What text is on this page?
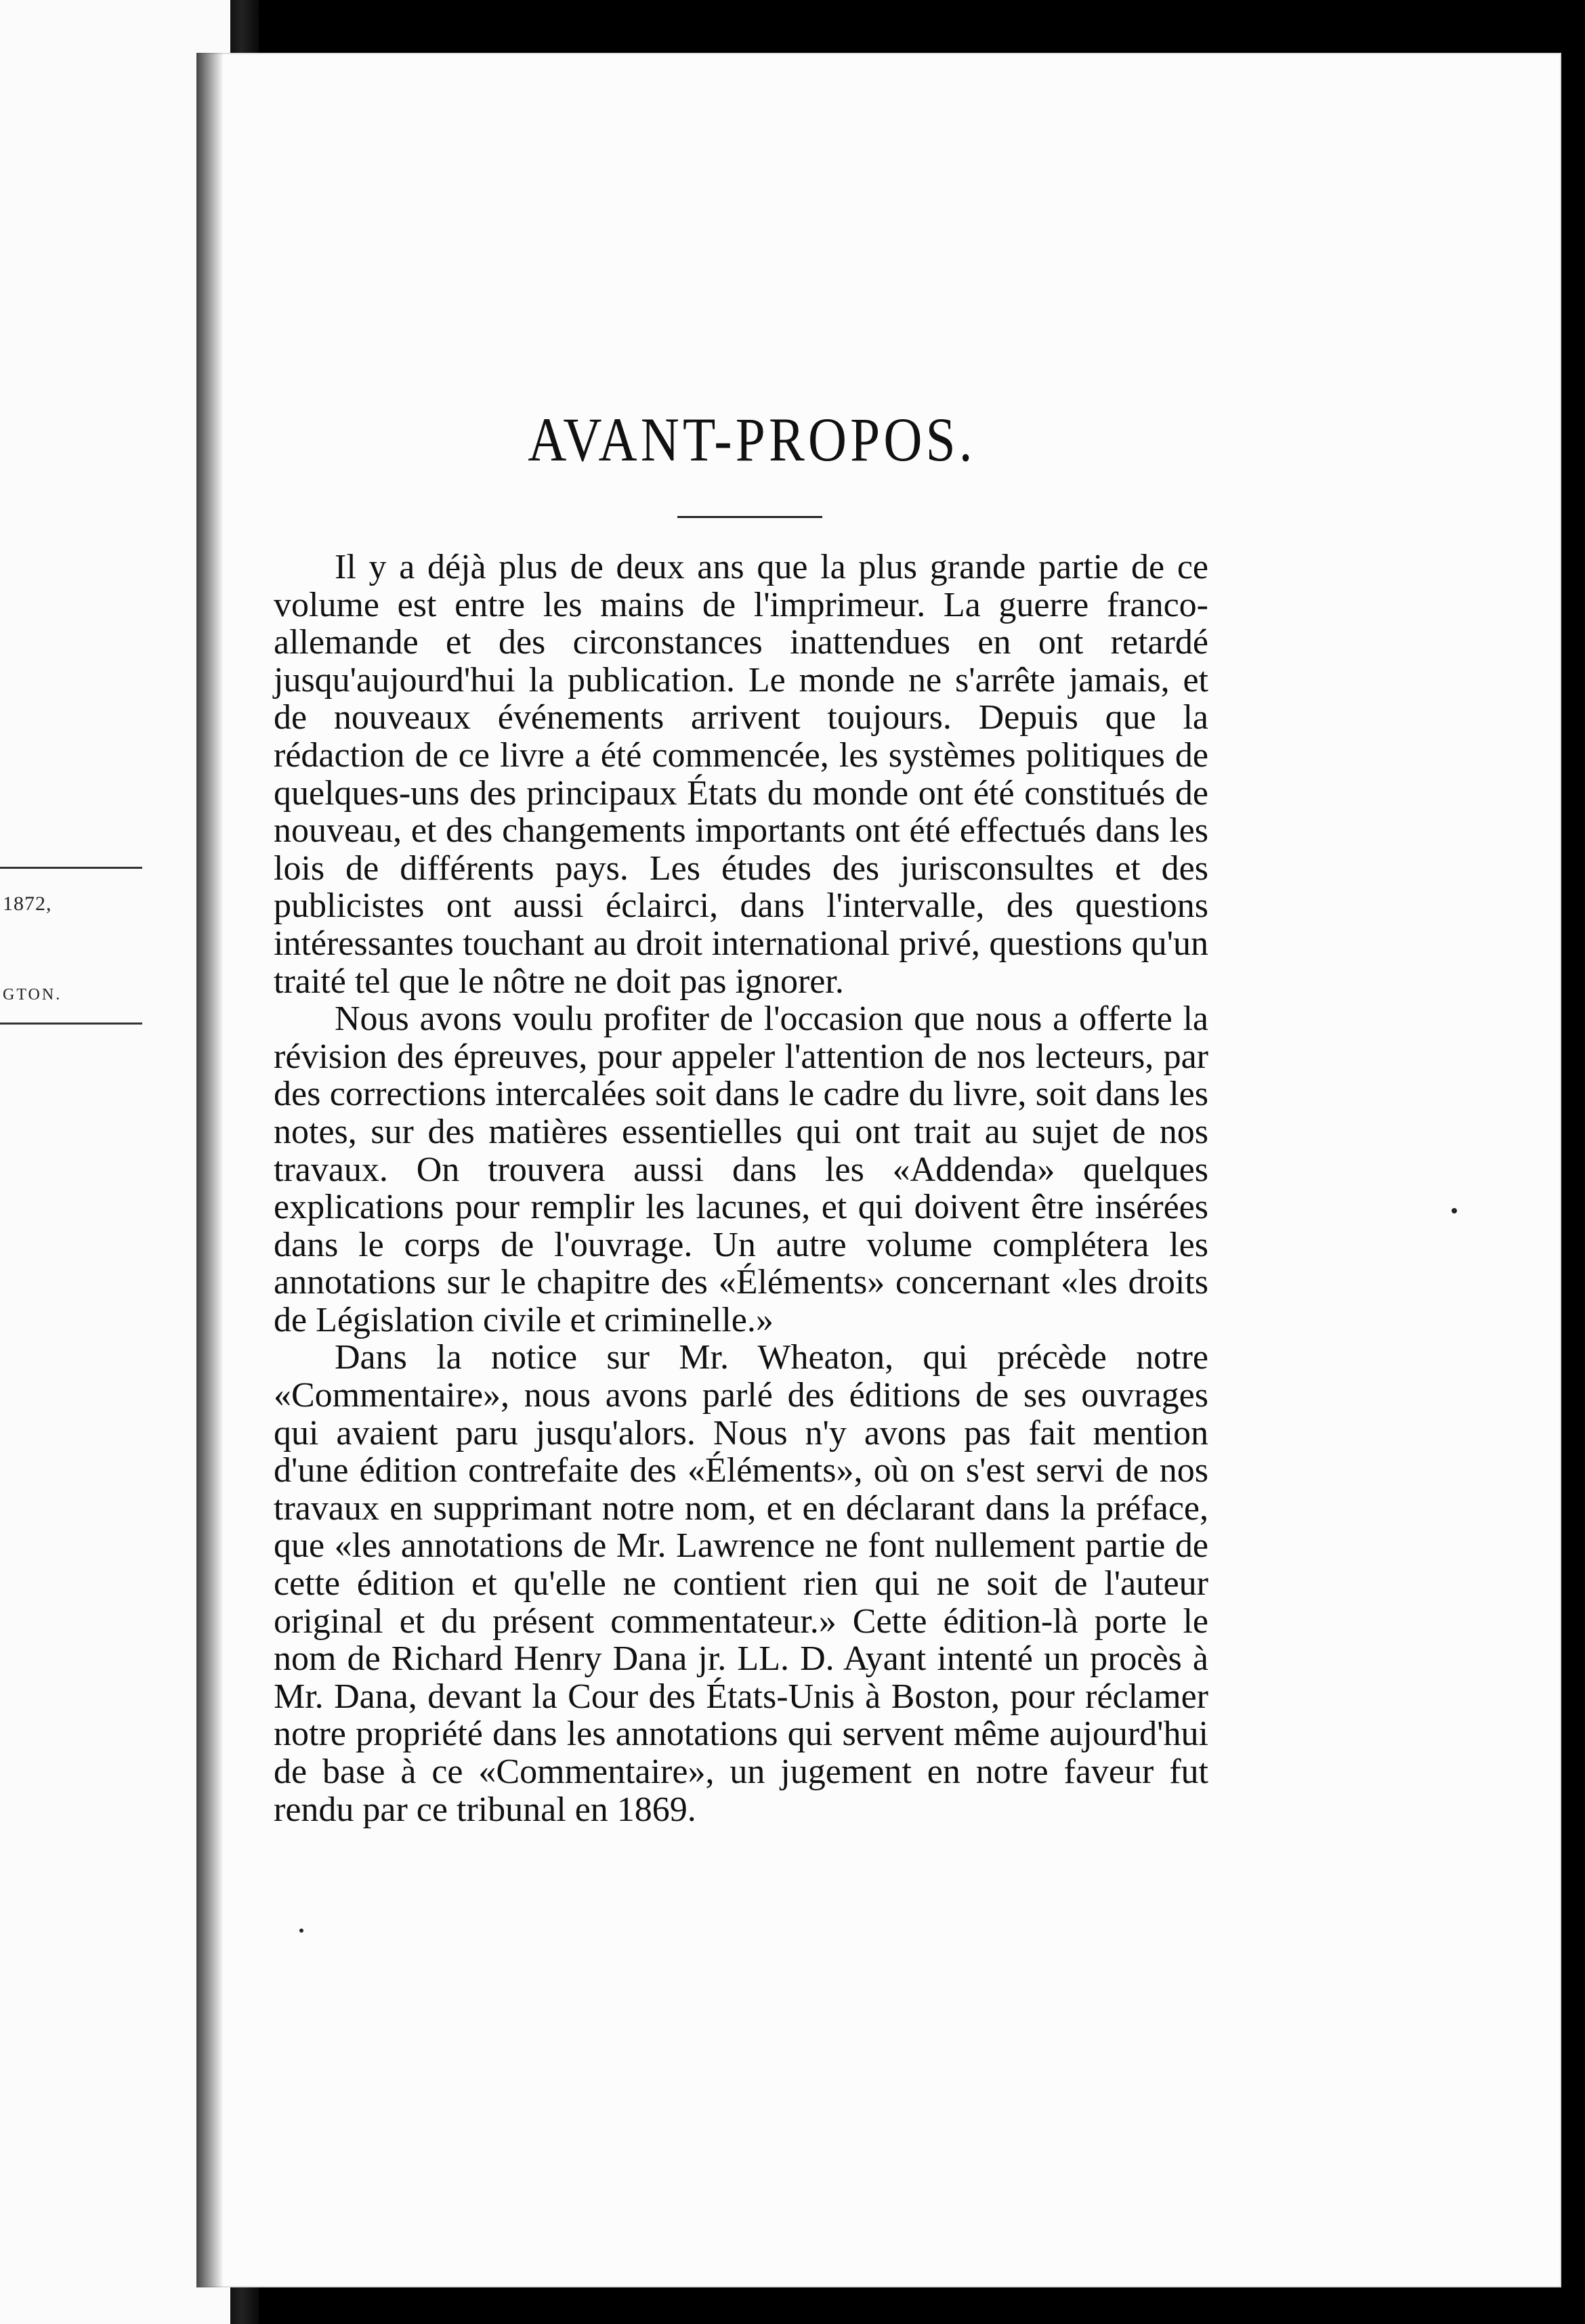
1872,
GTON.
AVANT-PROPOS.

Il y a déjà plus de deux ans que la plus grande partie de ce volume est entre les mains de l'imprimeur. La guerre franco-allemande et des circonstances inattendues en ont retardé jusqu'aujourd'hui la publication. Le monde ne s'arrête jamais, et de nouveaux événements arrivent toujours. Depuis que la rédaction de ce livre a été commencée, les systèmes politiques de quelques-uns des principaux États du monde ont été constitués de nouveau, et des changements importants ont été effectués dans les lois de différents pays. Les études des jurisconsultes et des publicistes ont aussi éclairci, dans l'intervalle, des questions intéressantes touchant au droit international privé, questions qu'un traité tel que le nôtre ne doit pas ignorer.

Nous avons voulu profiter de l'occasion que nous a offerte la révision des épreuves, pour appeler l'attention de nos lecteurs, par des corrections intercalées soit dans le cadre du livre, soit dans les notes, sur des matières essentielles qui ont trait au sujet de nos travaux. On trouvera aussi dans les «Addenda» quelques explications pour remplir les lacunes, et qui doivent être insérées dans le corps de l'ouvrage. Un autre volume complétera les annotations sur le chapitre des «Éléments» concernant «les droits de Législation civile et criminelle.»

Dans la notice sur Mr. Wheaton, qui précède notre «Commentaire», nous avons parlé des éditions de ses ouvrages qui avaient paru jusqu'alors. Nous n'y avons pas fait mention d'une édition contrefaite des «Éléments», où on s'est servi de nos travaux en supprimant notre nom, et en déclarant dans la préface, que «les annotations de Mr. Lawrence ne font nullement partie de cette édition et qu'elle ne contient rien qui ne soit de l'auteur original et du présent commentateur.» Cette édition-là porte le nom de Richard Henry Dana jr. LL. D. Ayant intenté un procès à Mr. Dana, devant la Cour des États-Unis à Boston, pour réclamer notre propriété dans les annotations qui servent même aujourd'hui de base à ce «Commentaire», un jugement en notre faveur fut rendu par ce tribunal en 1869.
